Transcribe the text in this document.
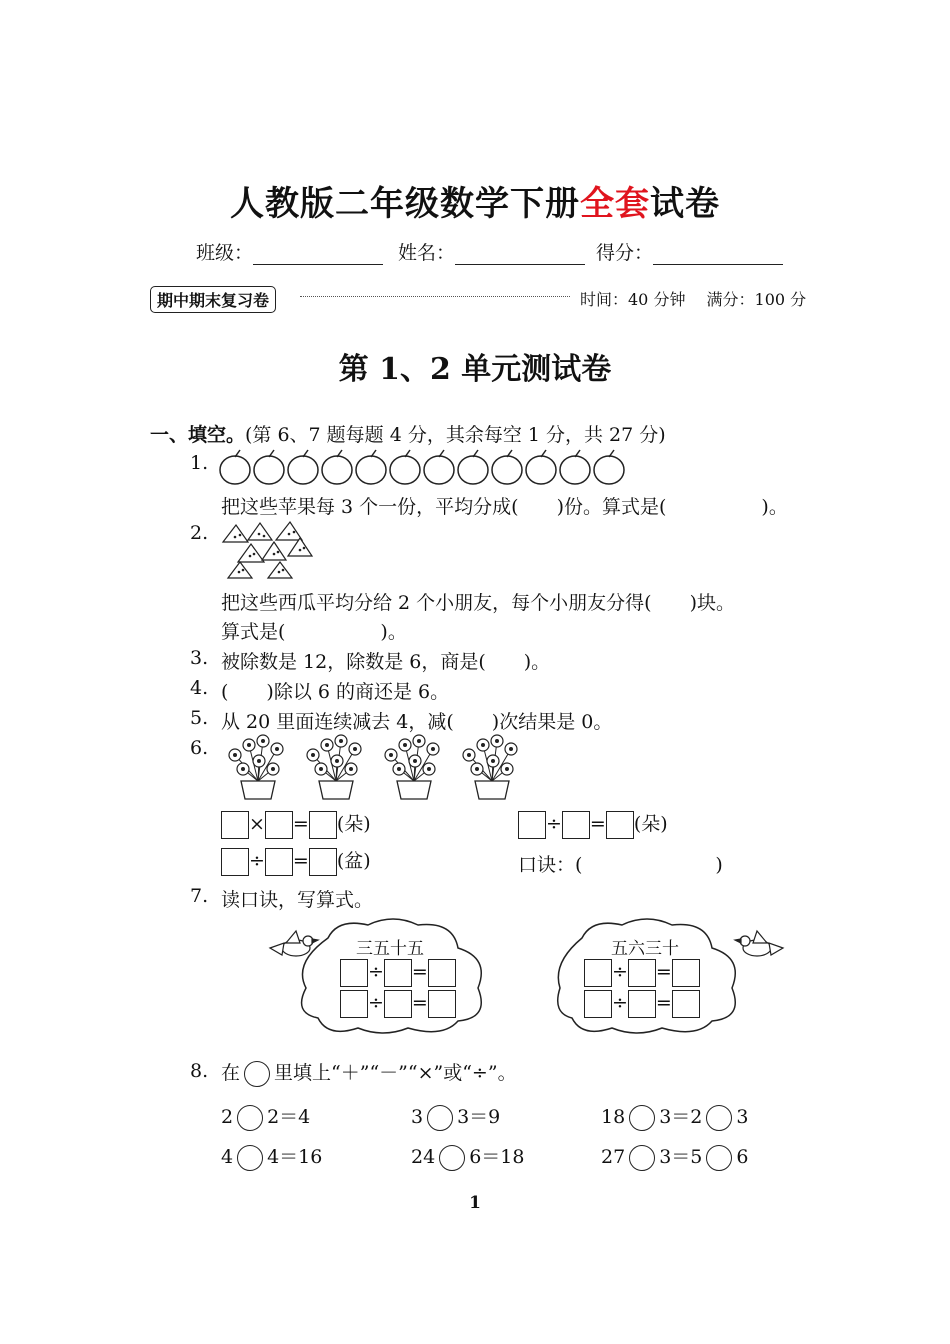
人教版二年级数学下册全套试卷
班级：	姓名：	得分：
期中期末复习卷	时间：40 分钟　 满分：100 分
第 1、2 单元测试卷
一、填空。(第 6、7 题每题 4 分，其余每空 1 分，共 27 分)
1.
把这些苹果每 3 个一份，平均分成(　　)份。算式是(　　　　　)。
2.
把这些西瓜平均分给 2 个小朋友，每个小朋友分得(　　)块。
算式是(　　　　　)。
3. 被除数是 12，除数是 6，商是(　　)。
4. (　　)除以 6 的商还是 6。
5. 从 20 里面连续减去 4，减(　　)次结果是 0。
6.
× = (朵)	÷ = (朵)
÷ = (盆)	口诀：(　　　　　　　)
7. 读口诀，写算式。
三五十五
÷ =
÷ =
五六三十
÷ =
÷ =
8. 在 里填上“＋”“－”“×”或“÷”。
2 2＝4	3 3＝9	18 3＝2 3
4 4＝16	24 6＝18	27 3＝5 6
1
